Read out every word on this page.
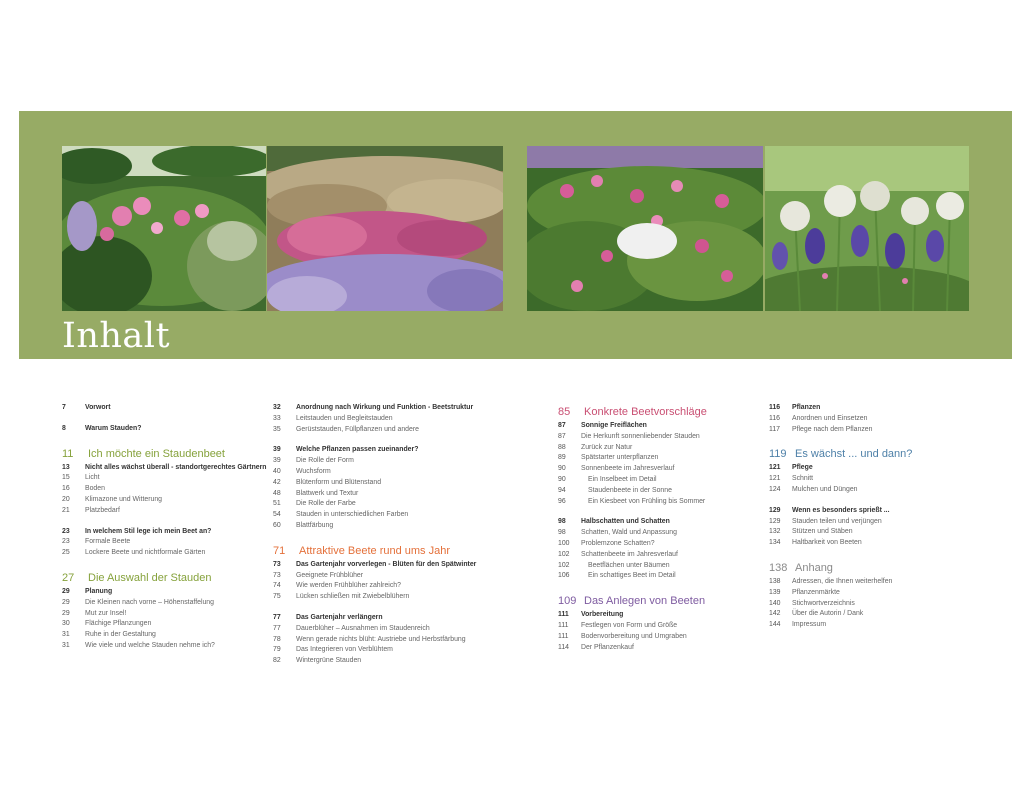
Inhalt
7	Vorwort
8	Warum Stauden?
11	Ich möchte ein Staudenbeet
13	Nicht alles wächst überall - standortgerechtes Gärtnern
15	Licht
16	Boden
20	Klimazone und Witterung
21	Platzbedarf
23	In welchem Stil lege ich mein Beet an?
23	Formale Beete
25	Lockere Beete und nichtformale Gärten
27	Die Auswahl der Stauden
29	Planung
29	Die Kleinen nach vorne – Höhenstaffelung
29	Mut zur Insel!
30	Flächige Pflanzungen
31	Ruhe in der Gestaltung
31	Wie viele und welche Stauden nehme ich?
32	Anordnung nach Wirkung und Funktion - Beetstruktur
33	Leitstauden und Begleitstauden
35	Gerüststauden, Füllpflanzen und andere
39	Welche Pflanzen passen zueinander?
39	Die Rolle der Form
40	Wuchsform
42	Blütenform und Blütenstand
48	Blattwerk und Textur
51	Die Rolle der Farbe
54	Stauden in unterschiedlichen Farben
60	Blattfärbung
71	Attraktive Beete rund ums Jahr
73	Das Gartenjahr vorverlegen - Blüten für den Spätwinter
73	Geeignete Frühblüher
74	Wie werden Frühblüher zahlreich?
75	Lücken schließen mit Zwiebelblühern
77	Das Gartenjahr verlängern
77	Dauerblüher – Ausnahmen im Staudenreich
78	Wenn gerade nichts blüht: Austriebe und Herbstfärbung
79	Das Integrieren von Verblühtem
82	Wintergrüne Stauden
85	Konkrete Beetvorschläge
87	Sonnige Freiflächen
87	Die Herkunft sonnenliebender Stauden
88	Zurück zur Natur
89	Spätstarter unterpflanzen
90	Sonnenbeete im Jahresverlauf
90	Ein Inselbeet im Detail
94	Staudenbeete in der Sonne
96	Ein Kiesbeet von Frühling bis Sommer
98	Halbschatten und Schatten
98	Schatten, Wald und Anpassung
100	Problemzone Schatten?
102	Schattenbeete im Jahresverlauf
102	Beetflächen unter Bäumen
106	Ein schattiges Beet im Detail
109 Das Anlegen von Beeten
111	Vorbereitung
111	Festlegen von Form und Größe
111	Bodenvorbereitung und Umgraben
114	Der Pflanzenkauf
116	Pflanzen
116	Anordnen und Einsetzen
117	Pflege nach dem Pflanzen
119 Es wächst ... und dann?
121	Pflege
121	Schnitt
124	Mulchen und Düngen
129	Wenn es besonders sprießt ...
129	Stauden teilen und verjüngen
132	Stützen und Stäben
134	Haltbarkeit von Beeten
138 Anhang
138	Adressen, die Ihnen weiterhelfen
139	Pflanzenmärkte
140	Stichwortverzeichnis
142	Über die Autorin / Dank
144	Impressum
